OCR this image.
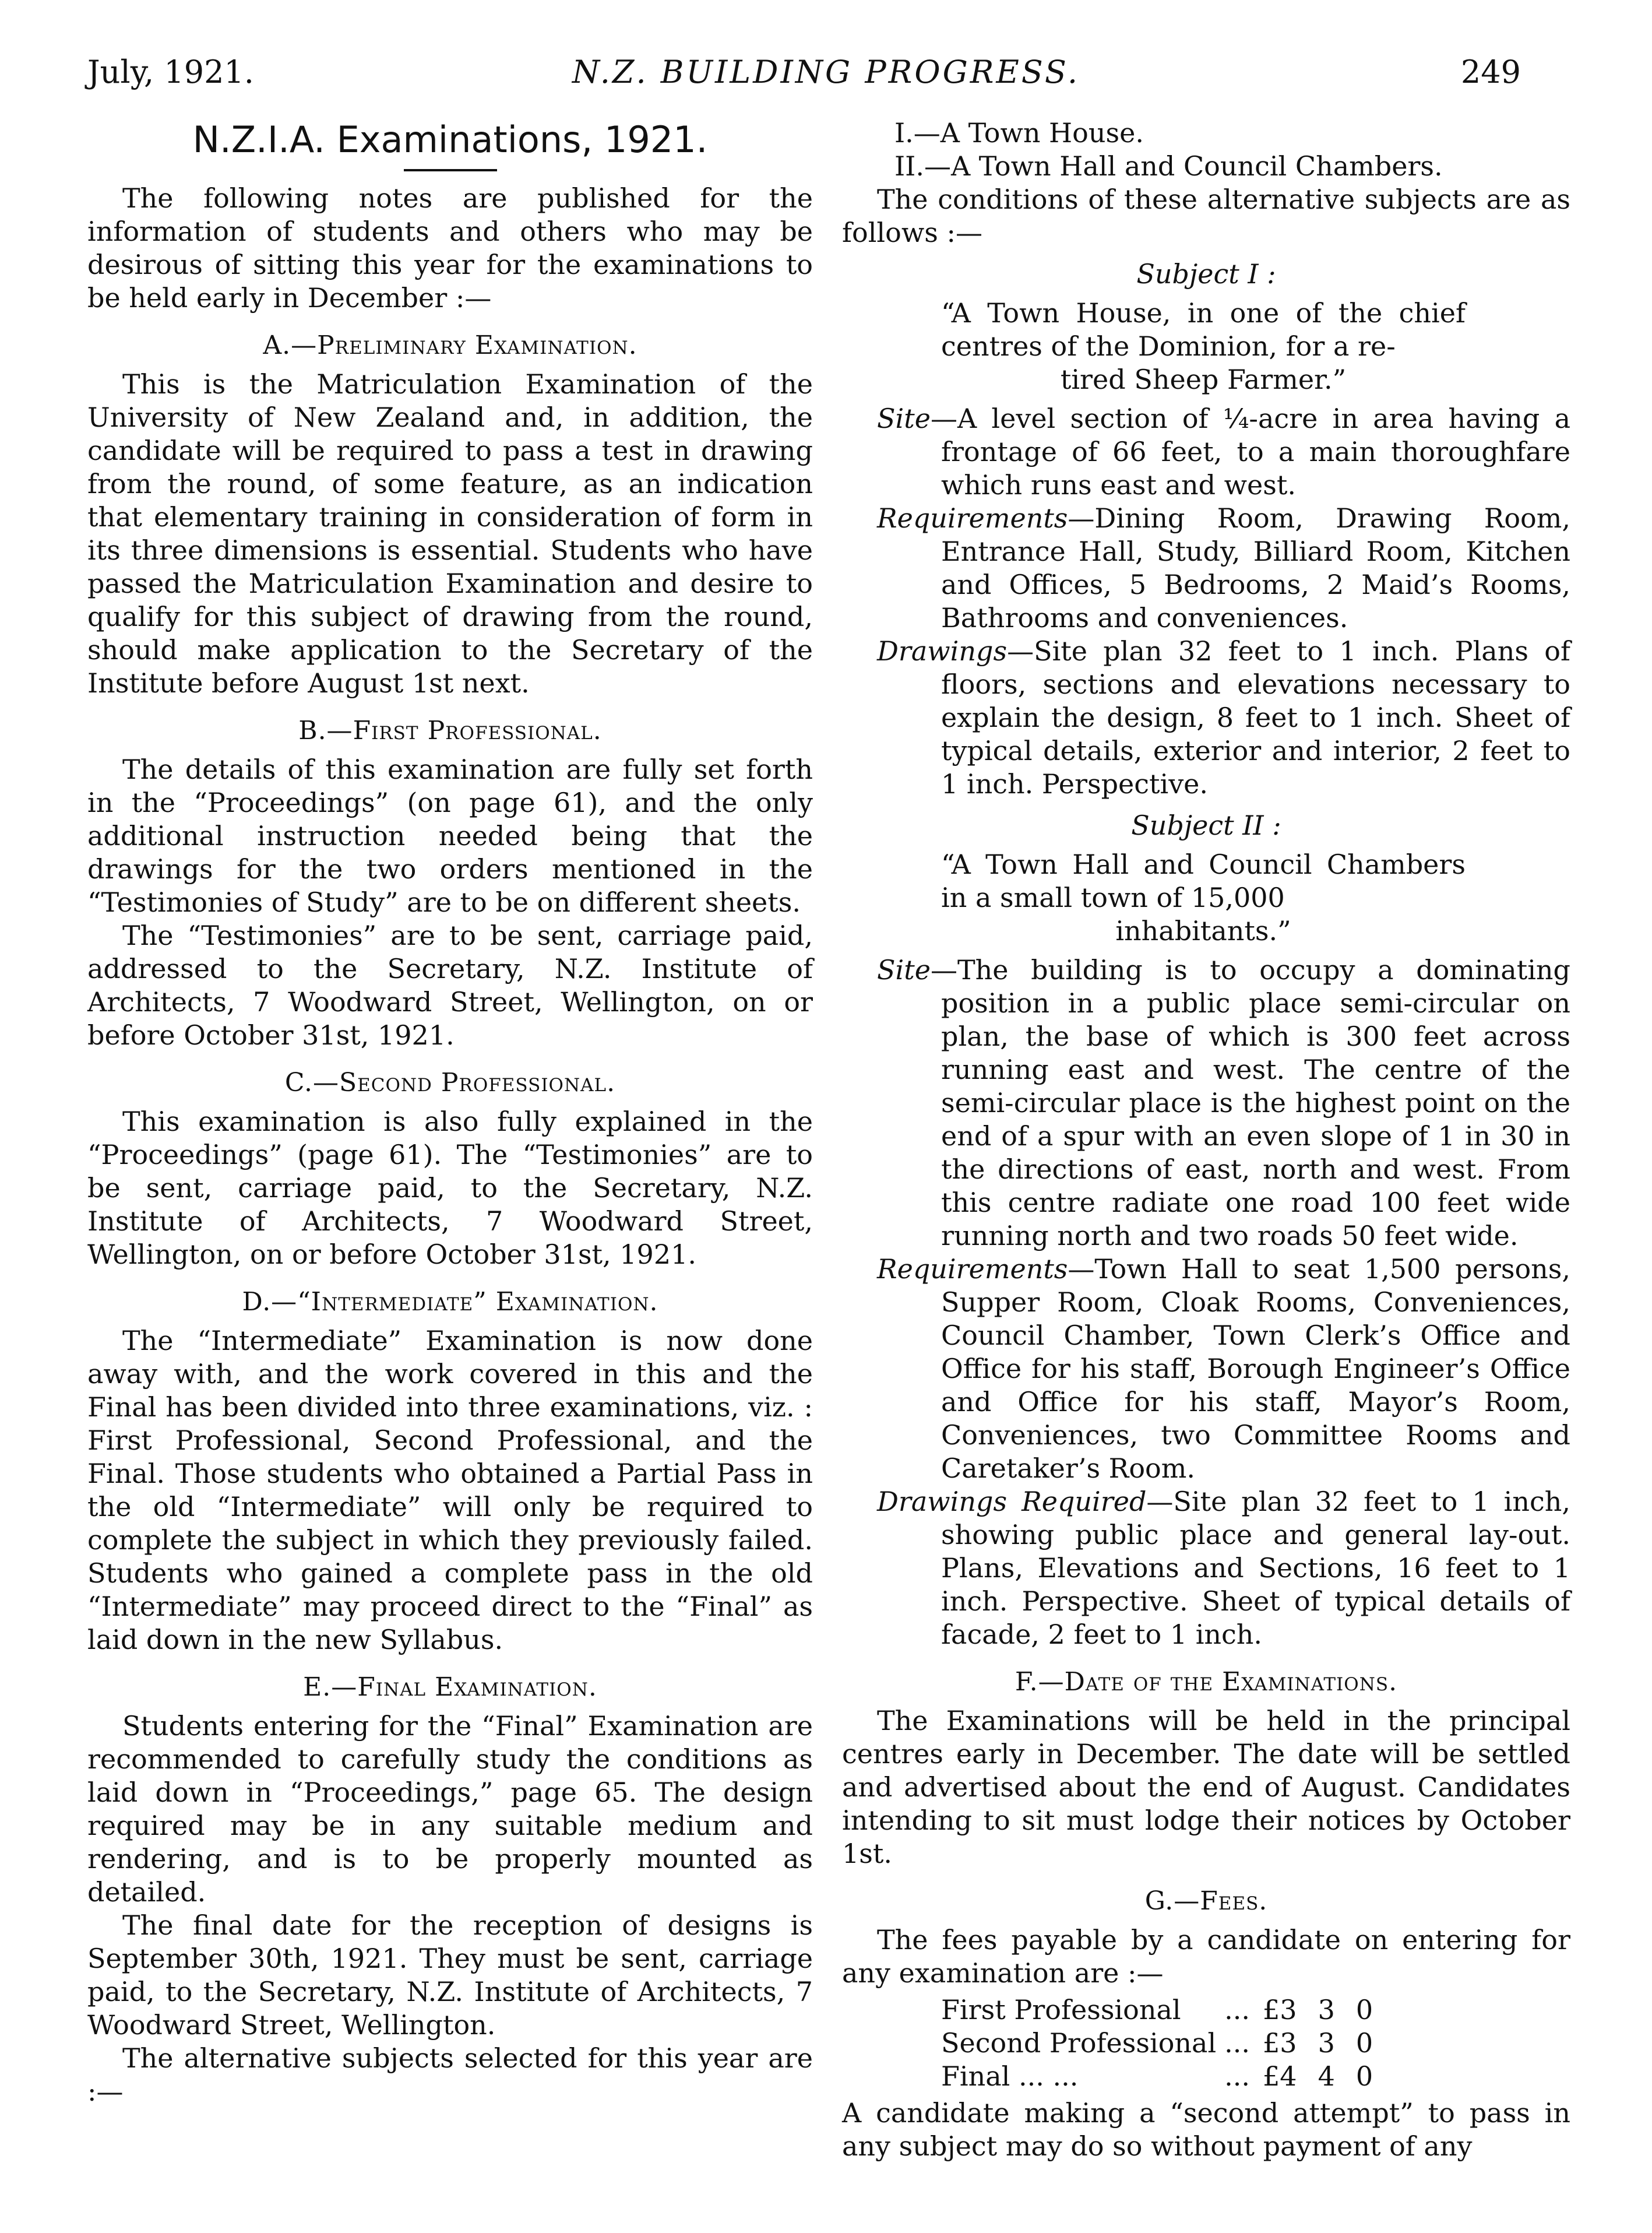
July, 1921.	N.Z. BUILDING PROGRESS.	249
N.Z.I.A. Examinations, 1921.

The following notes are published for the information of students and others who may be desirous of sitting this year for the examinations to be held early in December :—

A.—Preliminary Examination.

This is the Matriculation Examination of the University of New Zealand and, in addition, the candidate will be required to pass a test in drawing from the round, of some feature, as an indication that elementary training in consideration of form in its three dimensions is essential. Students who have passed the Matriculation Examination and desire to qualify for this subject of drawing from the round, should make application to the Secretary of the Institute before August 1st next.

B.—First Professional.

The details of this examination are fully set forth in the “Proceedings” (on page 61), and the only additional instruction needed being that the drawings for the two orders mentioned in the “Testimonies of Study” are to be on different sheets.

The “Testimonies” are to be sent, carriage paid, addressed to the Secretary, N.Z. Institute of Architects, 7 Woodward Street, Wellington, on or before October 31st, 1921.

C.—Second Professional.

This examination is also fully explained in the “Proceedings” (page 61). The “Testimonies” are to be sent, carriage paid, to the Secretary, N.Z. Institute of Architects, 7 Woodward Street, Wellington, on or before October 31st, 1921.

D.—“Intermediate” Examination.

The “Intermediate” Examination is now done away with, and the work covered in this and the Final has been divided into three examinations, viz. : First Professional, Second Professional, and the Final. Those students who obtained a Partial Pass in the old “Intermediate” will only be required to complete the subject in which they previously failed. Students who gained a complete pass in the old “Intermediate” may proceed direct to the “Final” as laid down in the new Syllabus.

E.—Final Examination.

Students entering for the “Final” Examination are recommended to carefully study the conditions as laid down in “Proceedings,” page 65. The design required may be in any suitable medium and rendering, and is to be properly mounted as detailed.

The final date for the reception of designs is September 30th, 1921. They must be sent, carriage paid, to the Secretary, N.Z. Institute of Architects, 7 Woodward Street, Wellington.

The alternative subjects selected for this year are :—

I.—A Town House.

II.—A Town Hall and Council Chambers.

The conditions of these alternative subjects are as follows :—

Subject I :

“A Town House, in one of the chief centres of the Dominion, for a re-

tired Sheep Farmer.”

Site—A level section of ¼-acre in area having a frontage of 66 feet, to a main thoroughfare which runs east and west.

Requirements—Dining Room, Drawing Room, Entrance Hall, Study, Billiard Room, Kitchen and Offices, 5 Bedrooms, 2 Maid’s Rooms, Bathrooms and conveniences.

Drawings—Site plan 32 feet to 1 inch. Plans of floors, sections and elevations necessary to explain the design, 8 feet to 1 inch. Sheet of typical details, exterior and interior, 2 feet to 1 inch. Perspective.

Subject II :

“A Town Hall and Council Chambers in a small town of 15,000

inhabitants.”

Site—The building is to occupy a dominating position in a public place semi-circular on plan, the base of which is 300 feet across running east and west. The centre of the semi-circular place is the highest point on the end of a spur with an even slope of 1 in 30 in the directions of east, north and west. From this centre radiate one road 100 feet wide running north and two roads 50 feet wide.

Requirements—Town Hall to seat 1,500 persons, Supper Room, Cloak Rooms, Conveniences, Council Chamber, Town Clerk’s Office and Office for his staff, Borough Engineer’s Office and Office for his staff, Mayor’s Room, Conveniences, two Committee Rooms and Caretaker’s Room.

Drawings Required—Site plan 32 feet to 1 inch, showing public place and general lay-out. Plans, Elevations and Sections, 16 feet to 1 inch. Perspective. Sheet of typical details of facade, 2 feet to 1 inch.

F.—Date of the Examinations.

The Examinations will be held in the principal centres early in December. The date will be settled and advertised about the end of August. Candidates intending to sit must lodge their notices by October 1st.

G.—Fees.

The fees payable by a candidate on entering for any examination are :—

First Professional	...	£3	3	0
Second Professional	...	£3	3	0
Final ... ...	...	£4	4	0

A candidate making a “second attempt” to pass in any subject may do so without payment of any
